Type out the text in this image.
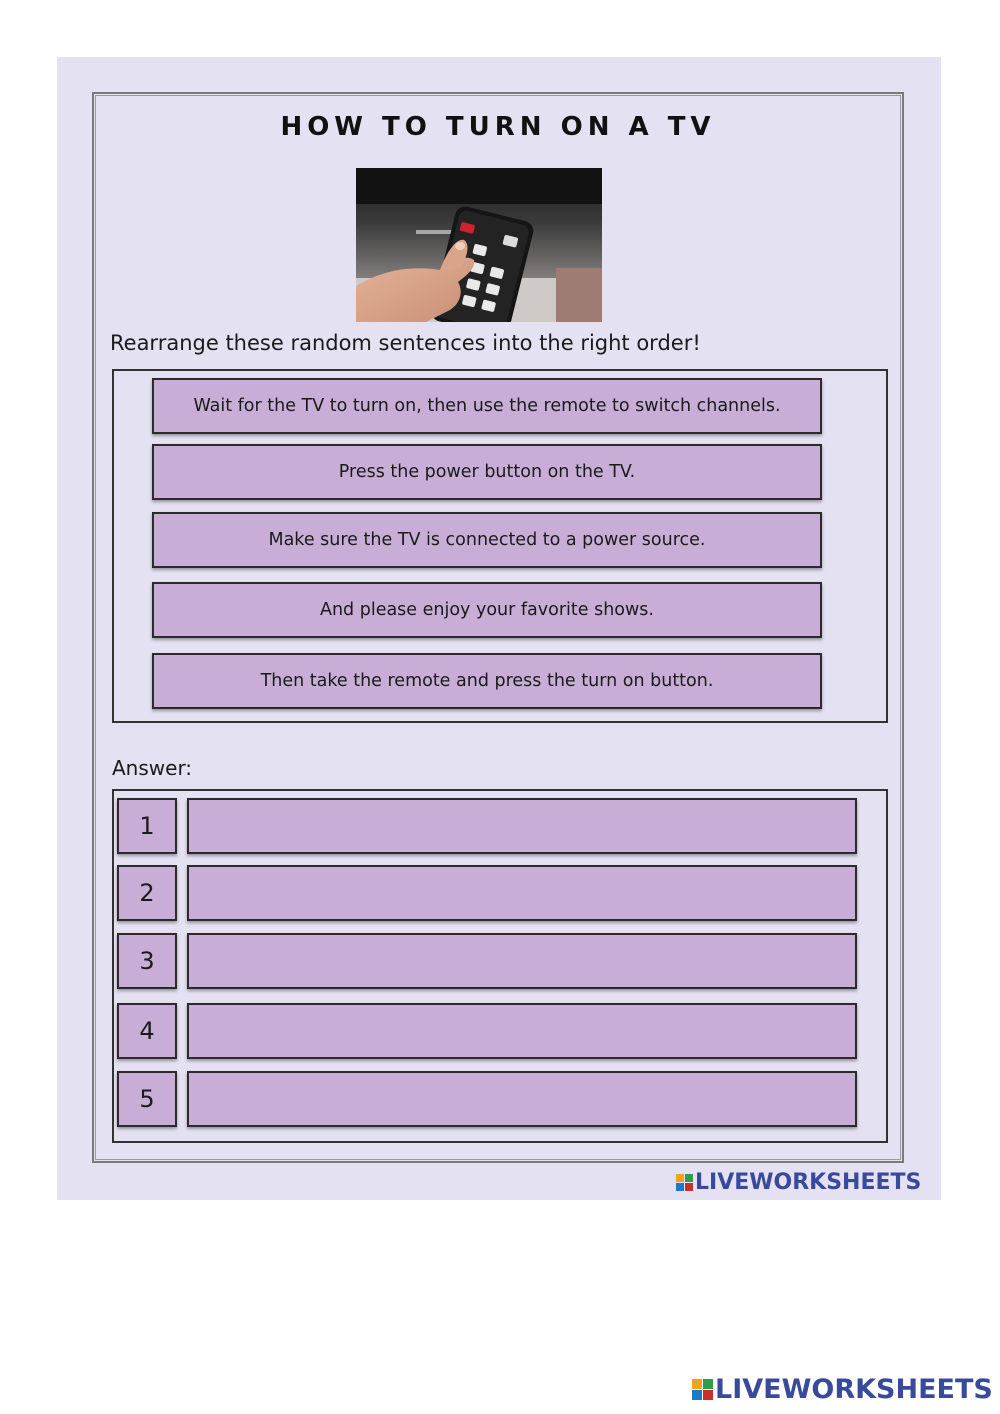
HOW TO TURN ON A TV
Rearrange these random sentences into the right order!
Wait for the TV to turn on, then use the remote to switch channels.
Press the power button on the TV.
Make sure the TV is connected to a power source.
And please enjoy your favorite shows.
Then take the remote and press the turn on button.
Answer:
1
2
3
4
5
LIVEWORKSHEETS
LIVEWORKSHEETS
